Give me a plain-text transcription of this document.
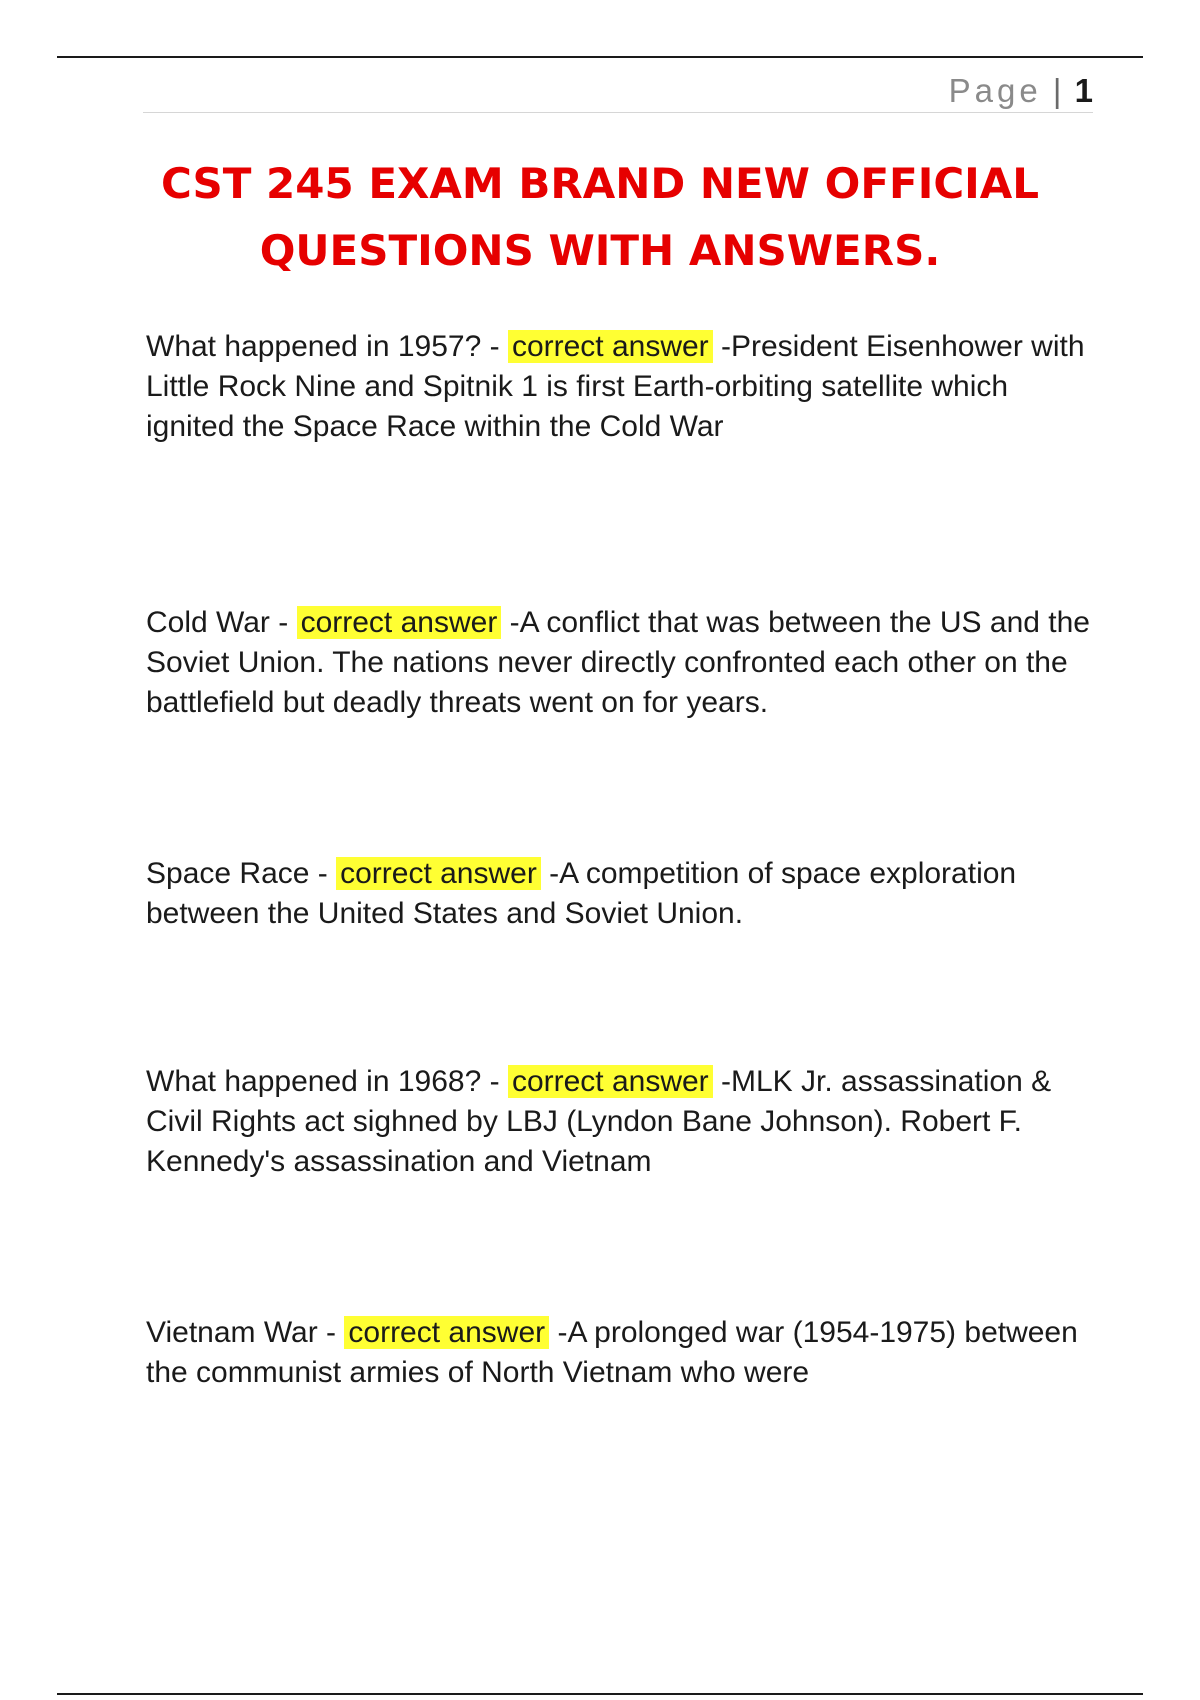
Page | 1
CST 245 EXAM BRAND NEW OFFICIAL QUESTIONS WITH ANSWERS.

What happened in 1957? - correct answer -President Eisenhower with Little Rock Nine and Spitnik 1 is first Earth-orbiting satellite which ignited the Space Race within the Cold War

Cold War - correct answer -A conflict that was between the US and the Soviet Union. The nations never directly confronted each other on the battlefield but deadly threats went on for years.

Space Race - correct answer -A competition of space exploration between the United States and Soviet Union.

What happened in 1968? - correct answer -MLK Jr. assassination & Civil Rights act sighned by LBJ (Lyndon Bane Johnson). Robert F. Kennedy's assassination and Vietnam

Vietnam War - correct answer -A prolonged war (1954-1975) between the communist armies of North Vietnam who were
